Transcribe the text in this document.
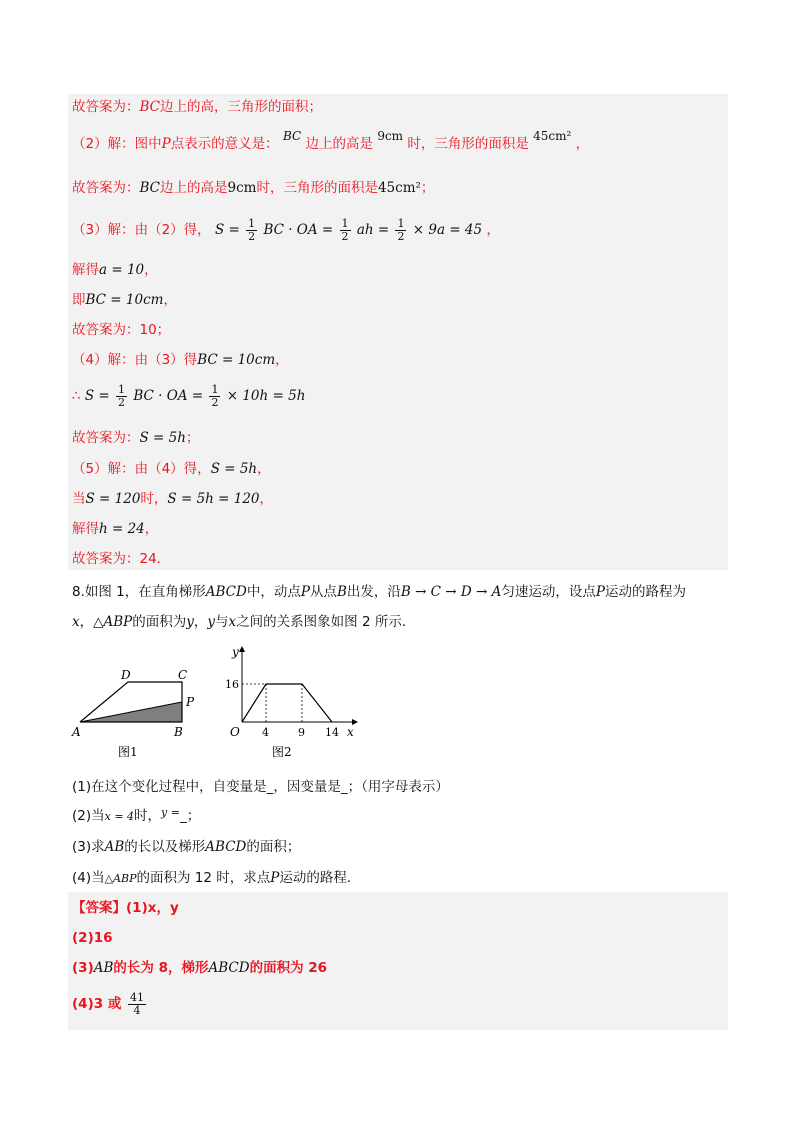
故答案为：BC边上的高，三角形的面积；
（2）解：图中P点表示的意义是： BC 边上的高是 9cm 时，三角形的面积是 45cm² ，
故答案为：BC边上的高是9cm时，三角形的面积是45cm²；
（3）解：由（2）得， $S = \frac{1}{2}$ BC · OA = $\frac{1}{2}$ ah = $\frac{1}{2} \times 9a = 45$ ，
解得a = 10，
即BC = 10cm，
故答案为：10；
（4）解：由（3）得BC = 10cm，
∴ $S = \frac{1}{2}$ BC · OA = $\frac{1}{2} \times 10h = 5h$
故答案为：S = 5h；
（5）解：由（4）得，S = 5h，
当S = 120时，S = 5h = 120，
解得h = 24，
故答案为：24．
8.如图 1，在直角梯形ABCD中，动点P从点B出发，沿B → C → D → A匀速运动，设点P运动的路程为
x，△ABP的面积为y，y与x之间的关系图象如图 2 所示．
D	C
P
A	B
图1
y
16
O 4	9 14 x
图2
(1)在这个变化过程中，自变量是_，因变量是_；（用字母表示）
(2)当x = 4时，$^{y =}$_；
(3)求AB的长以及梯形ABCD的面积；
(4)当△ABP的面积为 12 时，求点P运动的路程．
【答案】(1)x，y
(2)16
(3)AB的长为 8，梯形ABCD的面积为 26
(4)3 或 $\frac{41}{4}$
